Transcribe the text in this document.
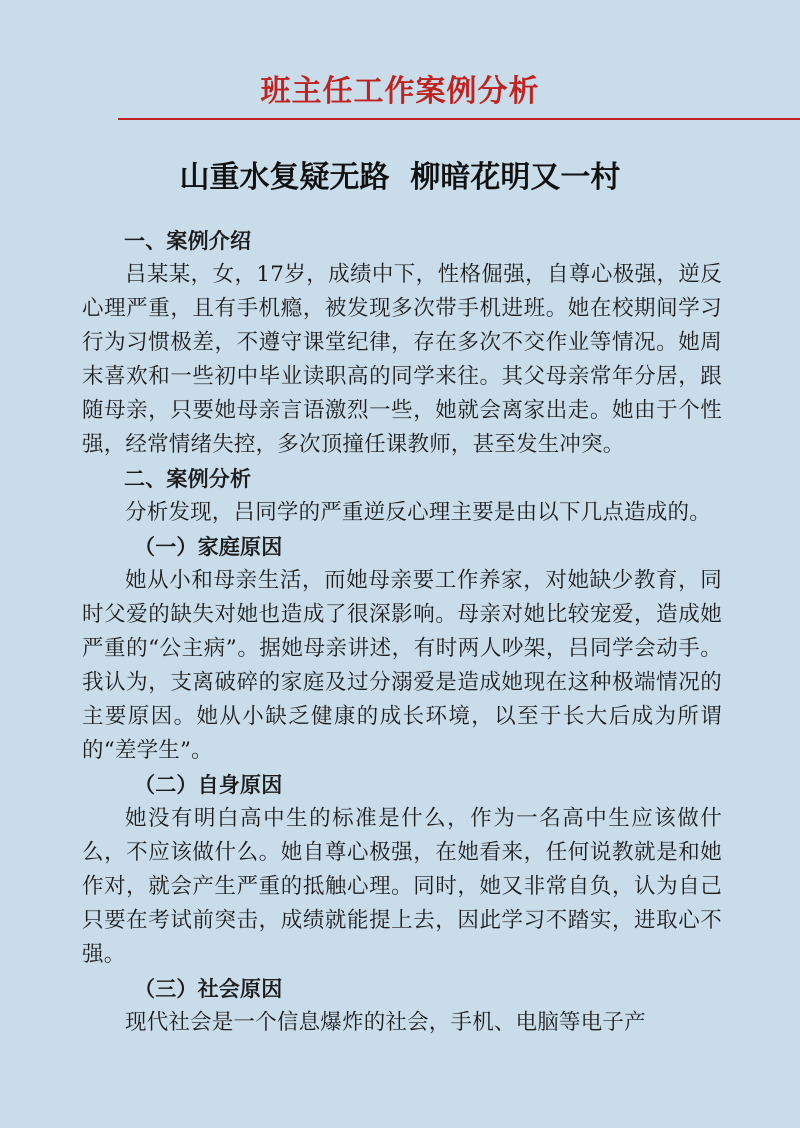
班主任工作案例分析
山重水复疑无路  柳暗花明又一村
一、案例介绍

吕某某，女，17岁，成绩中下，性格倔强，自尊心极强，逆反心理严重，且有手机瘾，被发现多次带手机进班。她在校期间学习行为习惯极差，不遵守课堂纪律，存在多次不交作业等情况。她周末喜欢和一些初中毕业读职高的同学来往。其父母亲常年分居，跟随母亲，只要她母亲言语激烈一些，她就会离家出走。她由于个性强，经常情绪失控，多次顶撞任课教师，甚至发生冲突。

二、案例分析

分析发现，吕同学的严重逆反心理主要是由以下几点造成的。

（一）家庭原因

她从小和母亲生活，而她母亲要工作养家，对她缺少教育，同时父爱的缺失对她也造成了很深影响。母亲对她比较宠爱，造成她严重的“公主病”。据她母亲讲述，有时两人吵架，吕同学会动手。我认为，支离破碎的家庭及过分溺爱是造成她现在这种极端情况的主要原因。她从小缺乏健康的成长环境，以至于长大后成为所谓的“差学生”。

（二）自身原因

她没有明白高中生的标准是什么，作为一名高中生应该做什么，不应该做什么。她自尊心极强，在她看来，任何说教就是和她作对，就会产生严重的抵触心理。同时，她又非常自负，认为自己只要在考试前突击，成绩就能提上去，因此学习不踏实，进取心不强。

（三）社会原因

现代社会是一个信息爆炸的社会，手机、电脑等电子产
